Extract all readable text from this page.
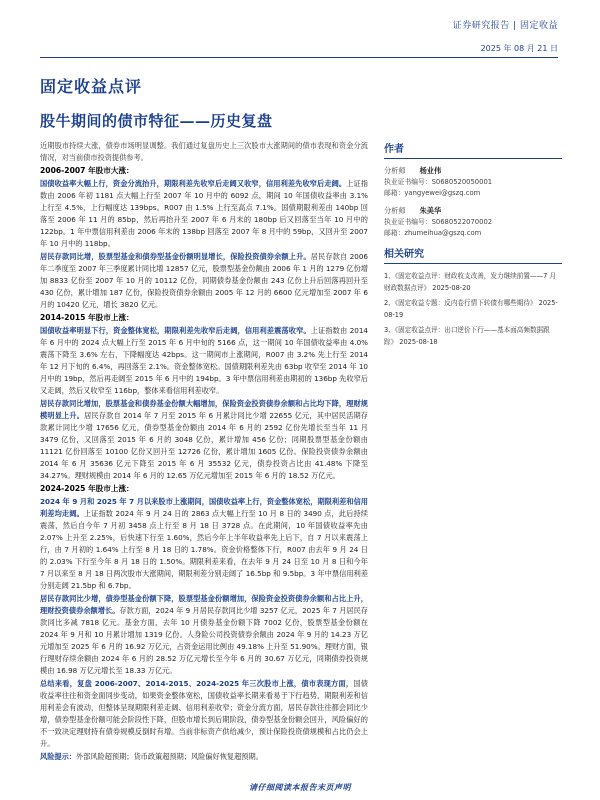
证券研究报告 | 固定收益
2025 年 08 月 21 日
固定收益点评
股牛期间的债市特征——历史复盘

近期股市持续大涨，债券市场明显调整。我们通过复盘历史上三次股市大涨期间的债市表现和资金分流情况，对当前债市投资提供参考。

2006-2007 年股市大涨：

国债收益率大幅上行，资金分流抬升，期限利差先收窄后走阔又收窄，信用利差先收窄后走阔。上证指数由 2006 年初 1181 点大幅上行至 2007 年 10 月中的 6092 点，期间 10 年国债收益率由 3.1% 上行至 4.5%，上行幅度达 139bps。R007 由 1.5% 上行至高点 7.1%。国债期限利差由 140bp 回落至 2006 年 11 月的 85bp，然后再抬升至 2007 年 6 月末的 180bp 后又回落至当年 10 月中的 122bp。1 年中票信用利差由 2006 年末的 138bp 回落至 2007 年 8 月中的 59bp，又回升至 2007 年 10 月中的 118bp。

居民存款同比增，股票型基金和债券型基金份额明显增长，保险投资债券余额上升。居民存款自 2006 年二季度至 2007 年三季度累计同比增 12857 亿元，股票型基金份额由 2006 年 1 月的 1279 亿份增加 8833 亿份至 2007 年 10 月的 10112 亿份，同期债券基金份额由 243 亿份上升后回落再回升至 430 亿份，累计增加 187 亿份，保险投资债券余额由 2005 年 12 月的 6600 亿元增加至 2007 年 6 月的 10420 亿元，增长 3820 亿元。

2014-2015 年股市上涨：

国债收益率明显下行，资金整体宽松，期限利差先收窄后走阔，信用利差震荡收窄。上证指数由 2014 年 6 月中的 2024 点大幅上行至 2015 年 6 月中旬的 5166 点，这一期间 10 年国债收益率由 4.0% 震荡下降至 3.6% 左右，下降幅度达 42bps。这一期间市上涨期间，R007 由 3.2% 先上行至 2014 年 12 月下旬的 6.4%，再回落至 2.1%。资金整体宽松。国债期限利差先由 63bp 收窄至 2014 年 10 月中的 19bp，然后再走阔至 2015 年 6 月中的 194bp。3 年中票信用利差由期初的 136bp 先收窄后又走阔，然后又收窄至 116bp，整体来看信用利差收窄。

居民存款同比增加，股票基金和债券基金份额大幅增加，保险资金投资债券余额和占比均下降，理财规模明显上升。居民存款自 2014 年 7 月至 2015 年 6 月累计同比少增 22655 亿元，其中居民活期存款累计同比少增 17656 亿元，债券型基金份额由 2014 年 6 月的 2592 亿份先增长至当年 11 月 3479 亿份，又回落至 2015 年 6 月的 3048 亿份，累计增加 456 亿份；同期股票型基金份额由 11121 亿份回落至 10100 亿份又回升至 12726 亿份，累计增加 1605 亿份。保险投资债券余额由 2014 年 6 月 35636 亿元下降至 2015 年 6 月 35532 亿元，债券投资占比由 41.48% 下降至 34.27%。理财规模由 2014 年 6 月的 12.65 万亿元增加至 2015 年 6 月的 18.52 万亿元。

2024-2025 年股市上涨：

2024 年 9 月和 2025 年 7 月以来股市上涨期间，国债收益率上行，资金整体宽松，期限利差和信用利差均走阔。上证指数 2024 年 9 月 24 日的 2863 点大幅上行至 10 月 8 日的 3490 点，此后持续震荡，然后自今年 7 月初 3458 点上行至 8 月 18 日 3728 点。在此期间，10 年国债收益率先由 2.07% 上升至 2.25%，后快速下行至 1.60%，然后今年上半年收益率先上后下，自 7 月以来震荡上行，由 7 月初的 1.64% 上行至 8 月 18 日的 1.78%。资金价格整体下行，R007 由去年 9 月 24 日的 2.03% 下行至今年 8 月 18 日的 1.50%。期限利差来看，在去年 9 月 24 日至 10 月 8 日和今年 7 月以来至 8 月 18 日两次股市大涨期间，期限利差分别走阔了 16.5bp 和 9.5bp。3 年中票信用利差分别走阔 21.5bp 和 6.7bp。

居民存款同比少增，债券型基金份额下降，股票型基金份额增加，保险资金投资债券余额和占比上升，理财投资债券余额增长。存款方面，2024 年 9 月居民存款同比少增 3257 亿元，2025 年 7 月居民存款同比多减 7818 亿元。基金方面，去年 10 月债券基金份额下降 7002 亿份，股票型基金份额在 2024 年 9 月和 10 月累计增加 1319 亿份。人身险公司投资债券余额由 2024 年 9 月的 14.23 万亿元增加至 2025 年 6 月的 16.92 万亿元，占资金运用比例由 49.18% 上升至 51.90%。理财方面，银行理财存续余额由 2024 年 6 月的 28.52 万亿元增长至今年 6 月的 30.67 万亿元，同期债券投资规模由 16.98 万亿元增长至 18.33 万亿元。

总结来看，复盘 2006-2007、2014-2015、2024-2025 年三次股市上涨，债市表现方面，国债收益率往往和资金面同步变动，如果资金整体宽松，国债收益率长期来看易于下行趋势，期限利差和信用利差会有波动，但整体呈现期限利差走阔、信用利差收窄；资金分流方面，居民存款往往都会同比少增，债券型基金份额可能会阶段性下降，但股市增长到后期阶段，债券型基金份额会回升，风险偏好的不一致决定理财持有债券规模反倒时有增。当前非标资产供给减少，预计保险投资债规模和占比仍会上升。

风险提示：外部风险超预期；货币政策超预期；风险偏好恢复超预期。

作者
分析师 杨业伟
执业证书编号：S0680520050001
邮箱：yangyewei@gszq.com
分析师 朱美华
执业证书编号：S0680522070002
邮箱：zhumeihua@gszq.com
相关研究
1、《固定收益点评：财政收支改善，发力继续前置——7 月财政数据点评》 2025-08-20
2、《固定收益专题：反内卷行情下转债有哪些期待》 2025-08-19
3、《固定收益点评：出口逆价下行——基本面高频数据跟踪》 2025-08-18
请仔细阅读本报告末页声明
